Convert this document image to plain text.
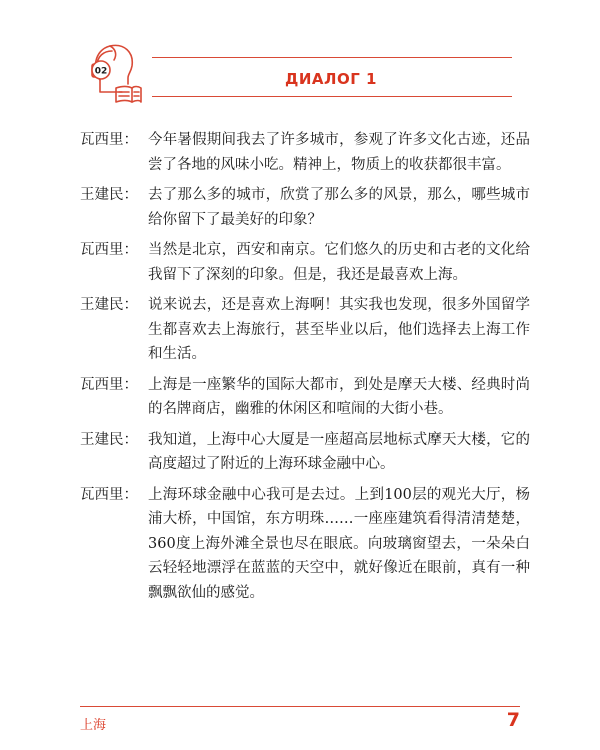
02	ДИАЛОГ 1
瓦西里： 今年暑假期间我去了许多城市，参观了许多文化古迹，还品尝了各地的风味小吃。精神上，物质上的收获都很丰富。
王建民： 去了那么多的城市，欣赏了那么多的风景，那么，哪些城市给你留下了最美好的印象？
瓦西里： 当然是北京，西安和南京。它们悠久的历史和古老的文化给我留下了深刻的印象。但是，我还是最喜欢上海。
王建民： 说来说去，还是喜欢上海啊！其实我也发现，很多外国留学生都喜欢去上海旅行，甚至毕业以后，他们选择去上海工作和生活。
瓦西里： 上海是一座繁华的国际大都市，到处是摩天大楼、经典时尚的名牌商店，幽雅的休闲区和喧闹的大街小巷。
王建民： 我知道，上海中心大厦是一座超高层地标式摩天大楼，它的高度超过了附近的上海环球金融中心。
瓦西里： 上海环球金融中心我可是去过。上到100层的观光大厅，杨浦大桥，中国馆，东方明珠……一座座建筑看得清清楚楚，360度上海外滩全景也尽在眼底。向玻璃窗望去，一朵朵白云轻轻地漂浮在蓝蓝的天空中，就好像近在眼前，真有一种飘飘欲仙的感觉。
上海	7
